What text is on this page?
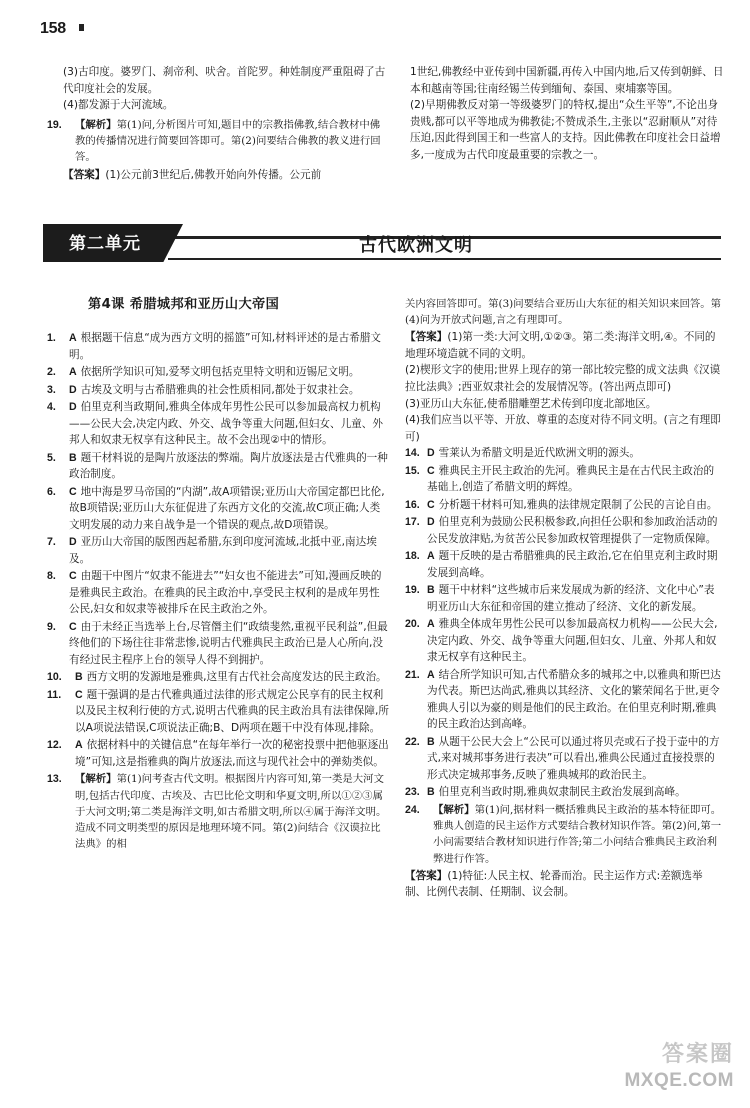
158

(3)古印度。婆罗门、刹帝利、吠舍。首陀罗。种姓制度严重阻碍了古代印度社会的发展。

(4)都发源于大河流域。

19.	【解析】第(1)问,分析图片可知,题目中的宗教指佛教,结合教材中佛教的传播情况进行简要回答即可。第(2)问要结合佛教的教义进行回答。
【答案】(1)公元前3世纪后,佛教开始向外传播。公元前

1世纪,佛教经中亚传到中国新疆,再传入中国内地,后又传到朝鲜、日本和越南等国;往南经锡兰传到缅甸、泰国、柬埔寨等国。

(2)早期佛教反对第一等级婆罗门的特权,提出“众生平等”,不论出身贵贱,都可以平等地成为佛教徒;不赞成杀生,主张以“忍耐顺从”对待压迫,因此得到国王和一些富人的支持。因此佛教在印度社会日益增多,一度成为古代印度最重要的宗教之一。

第二单元	古代欧洲文明
第4课 希腊城邦和亚历山大帝国
1.	A 根据题干信息“成为西方文明的摇篮”可知,材料评述的是古希腊文明。
2.	A 依据所学知识可知,爱琴文明包括克里特文明和迈锡尼文明。
3.	D 古埃及文明与古希腊雅典的社会性质相同,都处于奴隶社会。
4.	D 伯里克利当政期间,雅典全体成年男性公民可以参加最高权力机构——公民大会,决定内政、外交、战争等重大问题,但妇女、儿童、外邦人和奴隶无权享有这种民主。故不会出现②中的情形。
5.	B 题干材料说的是陶片放逐法的弊端。陶片放逐法是古代雅典的一种政治制度。
6.	C 地中海是罗马帝国的“内湖”,故A项错误;亚历山大帝国定都巴比伦,故B项错误;亚历山大东征促进了东西方文化的交流,故C项正确;人类文明发展的动力来自战争是一个错误的观点,故D项错误。
7.	D 亚历山大帝国的版图西起希腊,东到印度河流域,北抵中亚,南达埃及。
8.	C 由题干中图片“奴隶不能进去”“妇女也不能进去”可知,漫画反映的是雅典民主政治。在雅典的民主政治中,享受民主权利的是成年男性公民,妇女和奴隶等被排斥在民主政治之外。
9.	C 由于未经正当选举上台,尽管僭主们“政绩斐然,重视平民利益”,但最终他们的下场往往非常悲惨,说明古代雅典民主政治已是人心所向,没有经过民主程序上台的领导人得不到拥护。
10.	B 西方文明的发源地是雅典,这里有古代社会高度发达的民主政治。
11.	C 题干强调的是古代雅典通过法律的形式规定公民享有的民主权利以及民主权利行使的方式,说明古代雅典的民主政治具有法律保障,所以A项说法错误,C项说法正确;B、D两项在题干中没有体现,排除。
12.	A 依据材料中的关键信息“在每年举行一次的秘密投票中把他驱逐出境”可知,这是指雅典的陶片放逐法,而这与现代社会中的弹劾类似。
13.	【解析】第(1)问考查古代文明。根据图片内容可知,第一类是大河文明,包括古代印度、古埃及、古巴比伦文明和华夏文明,所以①②③属于大河文明;第二类是海洋文明,如古希腊文明,所以④属于海洋文明。造成不同文明类型的原因是地理环境不同。第(2)问结合《汉谟拉比法典》的相
关内容回答即可。第(3)问要结合亚历山大东征的相关知识来回答。第(4)问为开放式问题,言之有理即可。
【答案】(1)第一类:大河文明,①②③。第二类:海洋文明,④。不同的地理环境造就不同的文明。

(2)楔形文字的使用;世界上现存的第一部比较完整的成文法典《汉谟拉比法典》;西亚奴隶社会的发展情况等。(答出两点即可)

(3)亚历山大东征,使希腊雕塑艺术传到印度北部地区。

(4)我们应当以平等、开放、尊重的态度对待不同文明。(言之有理即可)

14. D 雪莱认为希腊文明是近代欧洲文明的源头。
15. C 雅典民主开民主政治的先河。雅典民主是在古代民主政治的基础上,创造了希腊文明的辉煌。
16. C 分析题干材料可知,雅典的法律规定限制了公民的言论自由。
17. D 伯里克利为鼓励公民积极参政,向担任公职和参加政治活动的公民发放津贴,为贫苦公民参加政权管理提供了一定物质保障。
18. A 题干反映的是古希腊雅典的民主政治,它在伯里克利主政时期发展到高峰。
19. B 题干中材料“这些城市后来发展成为新的经济、文化中心”表明亚历山大东征和帝国的建立推动了经济、文化的新发展。
20. A 雅典全体成年男性公民可以参加最高权力机构——公民大会,决定内政、外交、战争等重大问题,但妇女、儿童、外邦人和奴隶无权享有这种民主。
21. A 结合所学知识可知,古代希腊众多的城邦之中,以雅典和斯巴达为代表。斯巴达尚武,雅典以其经济、文化的繁荣闻名于世,更令雅典人引以为豪的则是他们的民主政治。在伯里克利时期,雅典的民主政治达到高峰。
22. B 从题干公民大会上“公民可以通过将贝壳或石子投于壶中的方式,来对城邦事务进行表决”可以看出,雅典公民通过直接投票的形式决定城邦事务,反映了雅典城邦的政治民主。
23. B 伯里克利当政时期,雅典奴隶制民主政治发展到高峰。
24.	【解析】第(1)问,据材料一概括雅典民主政治的基本特征即可。雅典人创造的民主运作方式要结合教材知识作答。第(2)问,第一小问需要结合教材知识进行作答;第二小问结合雅典民主政治利弊进行作答。
【答案】(1)特征:人民主权、轮番而治。民主运作方式:差额选举制、比例代表制、任期制、议会制。
答案圈
MXQE.COM
